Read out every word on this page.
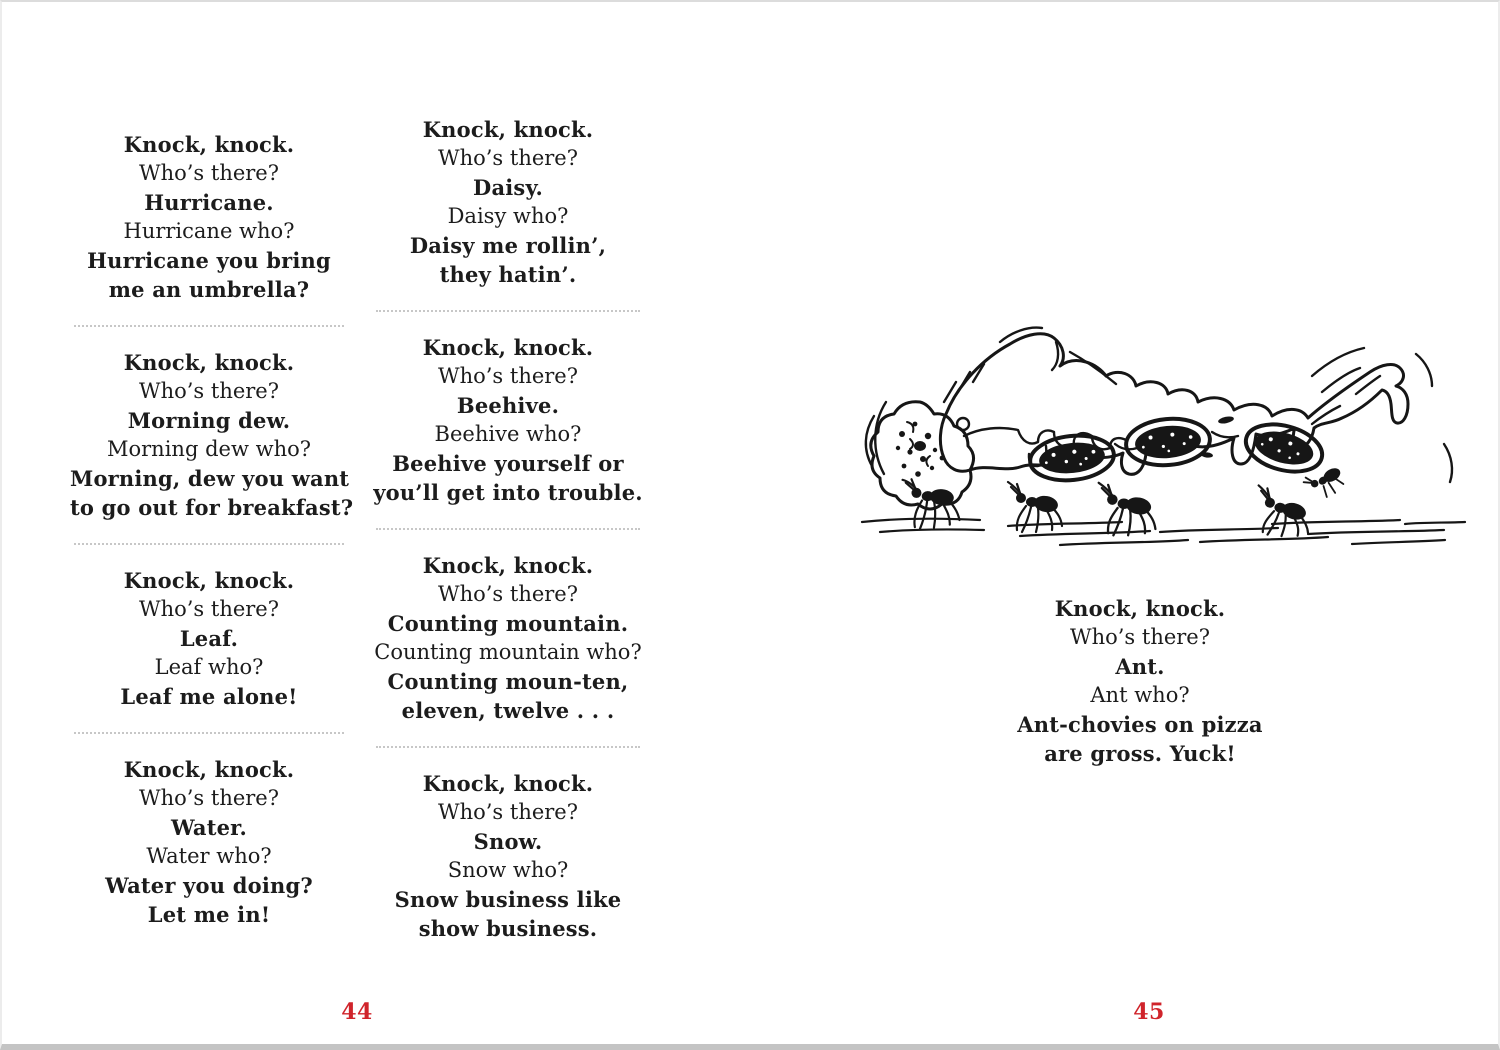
Knock, knock.

Who’s there?

Hurricane.

Hurricane who?

Hurricane you bring

me an umbrella?

Knock, knock.

Who’s there?

Morning dew.

Morning dew who?

Morning, dew you want

to go out for breakfast?

Knock, knock.

Who’s there?

Leaf.

Leaf who?

Leaf me alone!

Knock, knock.

Who’s there?

Water.

Water who?

Water you doing?

Let me in!

Knock, knock.

Who’s there?

Daisy.

Daisy who?

Daisy me rollin’,

they hatin’.

Knock, knock.

Who’s there?

Beehive.

Beehive who?

Beehive yourself or

you’ll get into trouble.

Knock, knock.

Who’s there?

Counting mountain.

Counting mountain who?

Counting moun-ten,

eleven, twelve . . .

Knock, knock.

Who’s there?

Snow.

Snow who?

Snow business like

show business.

Knock, knock.

Who’s there?

Ant.

Ant who?

Ant-chovies on pizza

are gross. Yuck!

44	45
